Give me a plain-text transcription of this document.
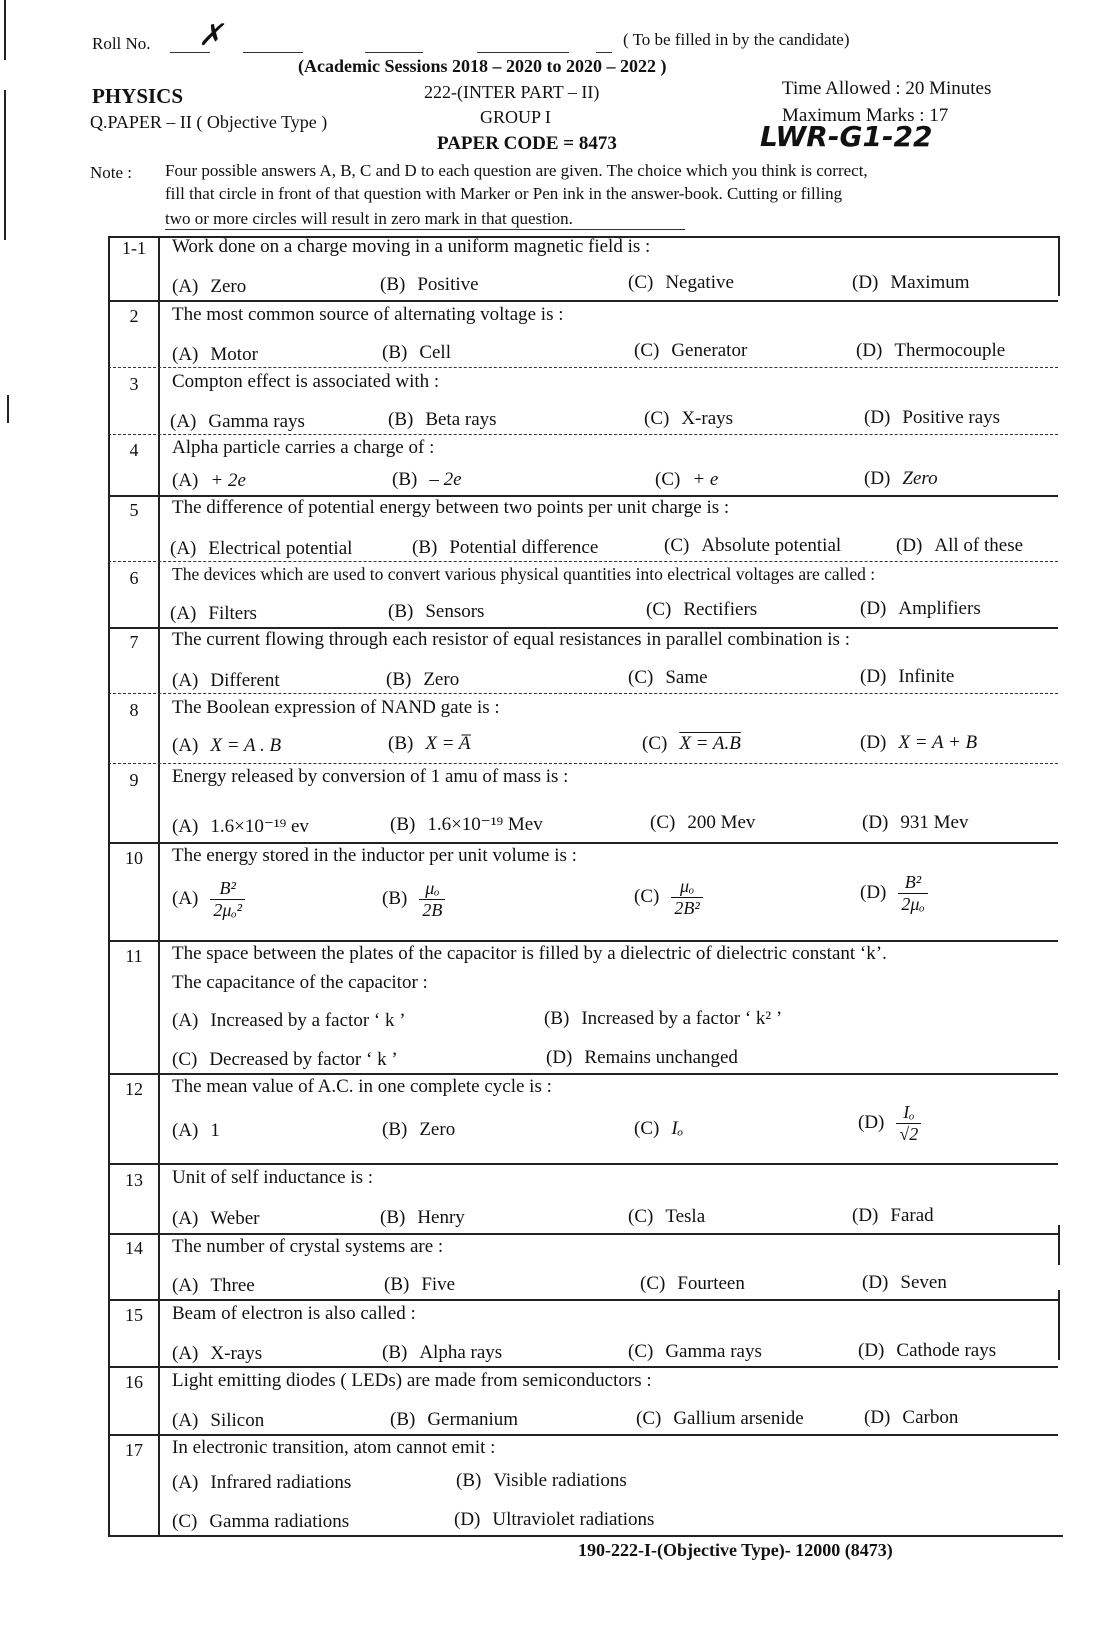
Roll No. ✗	( To be filled in by the candidate)
(Academic Sessions 2018 – 2020 to 2020 – 2022 )
PHYSICS	222-(INTER PART – II)	Time Allowed : 20 Minutes
Q.PAPER – II ( Objective Type )	GROUP I	Maximum Marks : 17
PAPER CODE = 8473	LWR-G1-22
Note : Four possible answers A, B, C and D to each question are given. The choice which you think is correct,
fill that circle in front of that question with Marker or Pen ink in the answer-book. Cutting or filling
two or more circles will result in zero mark in that question.
1-1	Work done on a charge moving in a uniform magnetic field is :
(A) Zero	(B) Positive	(C) Negative	(D) Maximum
2	The most common source of alternating voltage is :
(A) Motor	(B) Cell	(C) Generator	(D) Thermocouple
3	Compton effect is associated with :
(A) Gamma rays	(B) Beta rays	(C) X-rays	(D) Positive rays
4	Alpha particle carries a charge of :
(A) + 2e	(B) – 2e	(C) + e	(D) Zero
5	The difference of potential energy between two points per unit charge is :
(A) Electrical potential	(B) Potential difference	(C) Absolute potential	(D) All of these
6	The devices which are used to convert various physical quantities into electrical voltages are called :
(A) Filters	(B) Sensors	(C) Rectifiers	(D) Amplifiers
7	The current flowing through each resistor of equal resistances in parallel combination is :
(A) Different	(B) Zero	(C) Same	(D) Infinite
8	The Boolean expression of NAND gate is :
(A) X = A . B	(B) X = A̅	(C) X = A.B	(D) X = A + B
9	Energy released by conversion of 1 amu of mass is :
(A) 1.6×10⁻¹⁹ ev	(B) 1.6×10⁻¹⁹ Mev	(C) 200 Mev	(D) 931 Mev
10	The energy stored in the inductor per unit volume is :
$(A) \frac{\text{B²}}{\text{2μₒ²}}$	$(B) \frac{\text{μₒ}}{2B}$	$(C) \frac{\text{μₒ}}{\text{2B²}}$	$(D) \frac{\text{B²}}{\text{2μₒ}}$
11	The space between the plates of the capacitor is filled by a dielectric of dielectric constant ‘k’.
The capacitance of the capacitor :
(A) Increased by a factor ‘ k ’	(B) Increased by a factor ‘ k² ’
(C) Decreased by factor ‘ k ’	(D) Remains unchanged
12	The mean value of A.C. in one complete cycle is :
(A) 1	(B) Zero	(C) Iₒ	$(D) \frac{\text{Iₒ}}{√2}$
13	Unit of self inductance is :
(A) Weber	(B) Henry	(C) Tesla	(D) Farad
14	The number of crystal systems are :
(A) Three	(B) Five	(C) Fourteen	(D) Seven
15	Beam of electron is also called :
(A) X-rays	(B) Alpha rays	(C) Gamma rays	(D) Cathode rays
16	Light emitting diodes ( LEDs) are made from semiconductors :
(A) Silicon	(B) Germanium	(C) Gallium arsenide	(D) Carbon
17	In electronic transition, atom cannot emit :
(A) Infrared radiations	(B) Visible radiations
(C) Gamma radiations	(D) Ultraviolet radiations
190-222-I-(Objective Type)- 12000 (8473)
